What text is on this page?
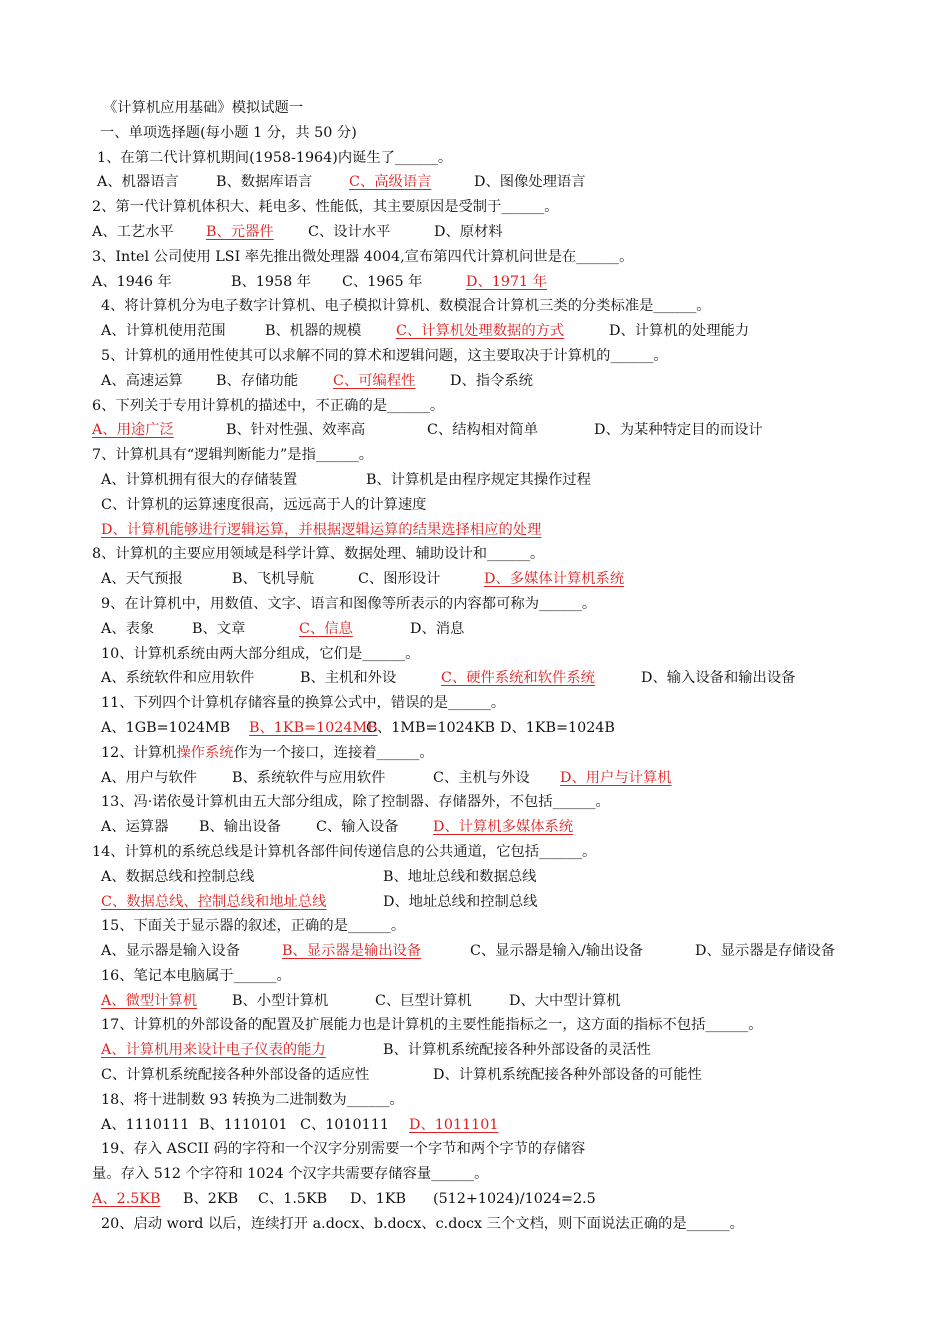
《计算机应用基础》模拟试题一
一、单项选择题(每小题 1 分，共 50 分)
1、在第二代计算机期间(1958-1964)内诞生了______。
A、机器语言	B、数据库语言	C、高级语言	D、图像处理语言
2、第一代计算机体积大、耗电多、性能低，其主要原因是受制于______。
A、工艺水平 B、元器件 C、设计水平	D、原材料
3、Intel 公司使用 LSI 率先推出微处理器 4004,宣布第四代计算机问世是在______。
A、1946 年	B、1958 年 C、1965 年	D、1971 年
4、将计算机分为电子数字计算机、电子模拟计算机、数模混合计算机三类的分类标准是______。
A、计算机使用范围	B、机器的规模 C、计算机处理数据的方式	D、计算机的处理能力
5、计算机的通用性使其可以求解不同的算术和逻辑问题，这主要取决于计算机的______。
A、高速运算 B、存储功能 C、可编程性 D、指令系统
6、下列关于专用计算机的描述中，不正确的是______。
A、用途广泛	B、针对性强、效率高	C、结构相对简单	D、为某种特定目的而设计
7、计算机具有“逻辑判断能力”是指______。
A、计算机拥有很大的存储装置	B、计算机是由程序规定其操作过程
C、计算机的运算速度很高，远远高于人的计算速度
D、计算机能够进行逻辑运算，并根据逻辑运算的结果选择相应的处理
8、计算机的主要应用领域是科学计算、数据处理、辅助设计和______。
A、天气预报	B、飞机导航	C、图形设计	D、多媒体计算机系统
9、在计算机中，用数值、文字、语言和图像等所表示的内容都可称为______。
A、表象	B、文章	C、信息	D、消息
10、计算机系统由两大部分组成，它们是______。
A、系统软件和应用软件	B、主机和外设	C、硬件系统和软件系统	D、输入设备和输出设备
11、下列四个计算机存储容量的换算公式中，错误的是______。
A、1GB=1024MB B、1KB=1024MB
C、1MB=1024KB D、1KB=1024B
12、计算机操作系统作为一个接口，连接着______。
A、用户与软件 B、系统软件与应用软件	C、主机与外设 D、用户与计算机
13、冯·诺依曼计算机由五大部分组成，除了控制器、存储器外，不包括______。
A、运算器 B、输出设备 C、输入设备 D、计算机多媒体系统
14、计算机的系统总线是计算机各部件间传递信息的公共通道，它包括______。
A、数据总线和控制总线	B、地址总线和数据总线
C、数据总线、控制总线和地址总线	D、地址总线和控制总线
15、下面关于显示器的叙述，正确的是______。
A、显示器是输入设备	B、显示器是输出设备	C、显示器是输入/输出设备	D、显示器是存储设备
16、笔记本电脑属于______。
A、微型计算机 B、小型计算机	C、巨型计算机	D、大中型计算机
17、计算机的外部设备的配置及扩展能力也是计算机的主要性能指标之一，这方面的指标不包括______。
A、计算机用来设计电子仪表的能力	B、计算机系统配接各种外部设备的灵活性
C、计算机系统配接各种外部设备的适应性	D、计算机系统配接各种外部设备的可能性
18、将十进制数 93 转换为二进制数为______。
A、1110111 B、1110101 C、1010111 D、1011101
19、存入 ASCII 码的字符和一个汉字分别需要一个字节和两个字节的存储容
量。存入 512 个字符和 1024 个汉字共需要存储容量______。
A、2.5KB B、2KB C、1.5KB D、1KB (512+1024)/1024=2.5
20、启动 word 以后，连续打开 a.docx、b.docx、c.docx 三个文档，则下面说法正确的是______。
